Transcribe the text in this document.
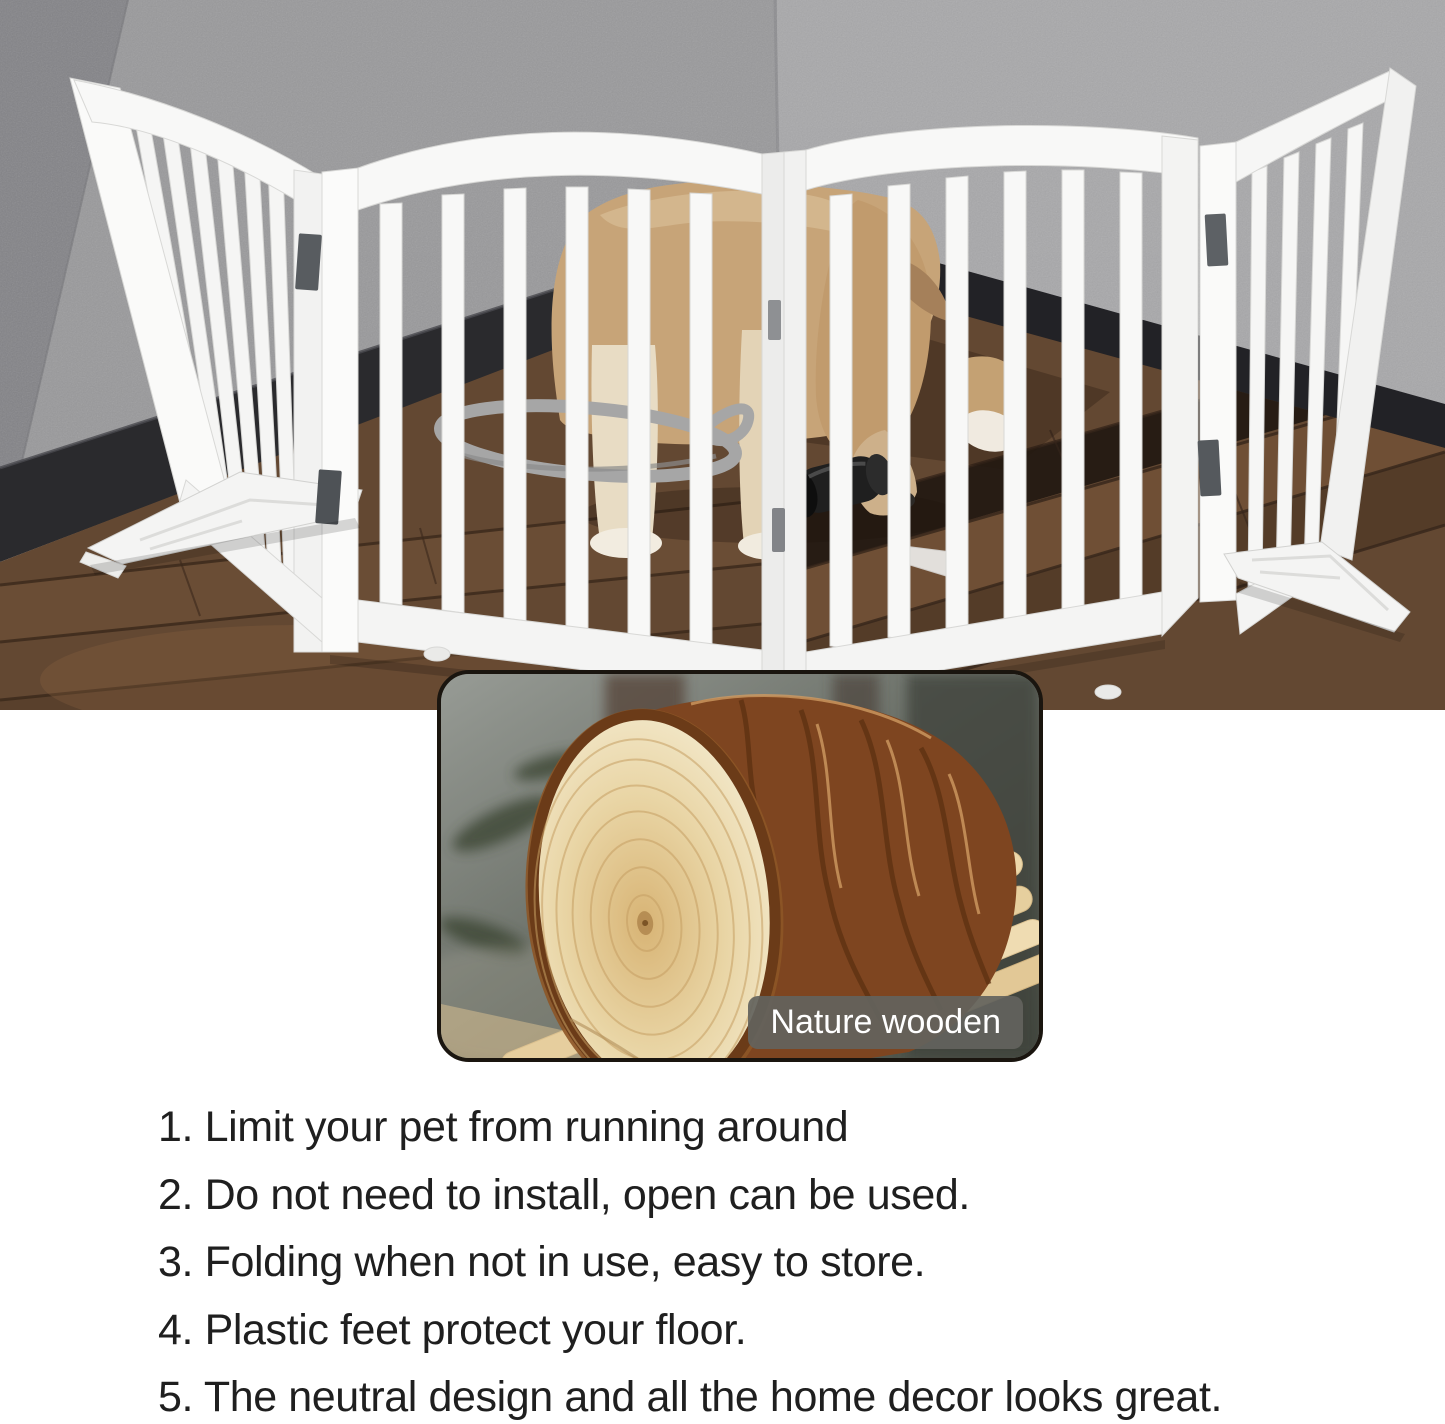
Nature wooden
1. Limit your pet from running around
2. Do not need to install, open can be used.
3. Folding when not in use, easy to store.
4. Plastic feet protect your floor.
5. The neutral design and all the home decor looks great.
